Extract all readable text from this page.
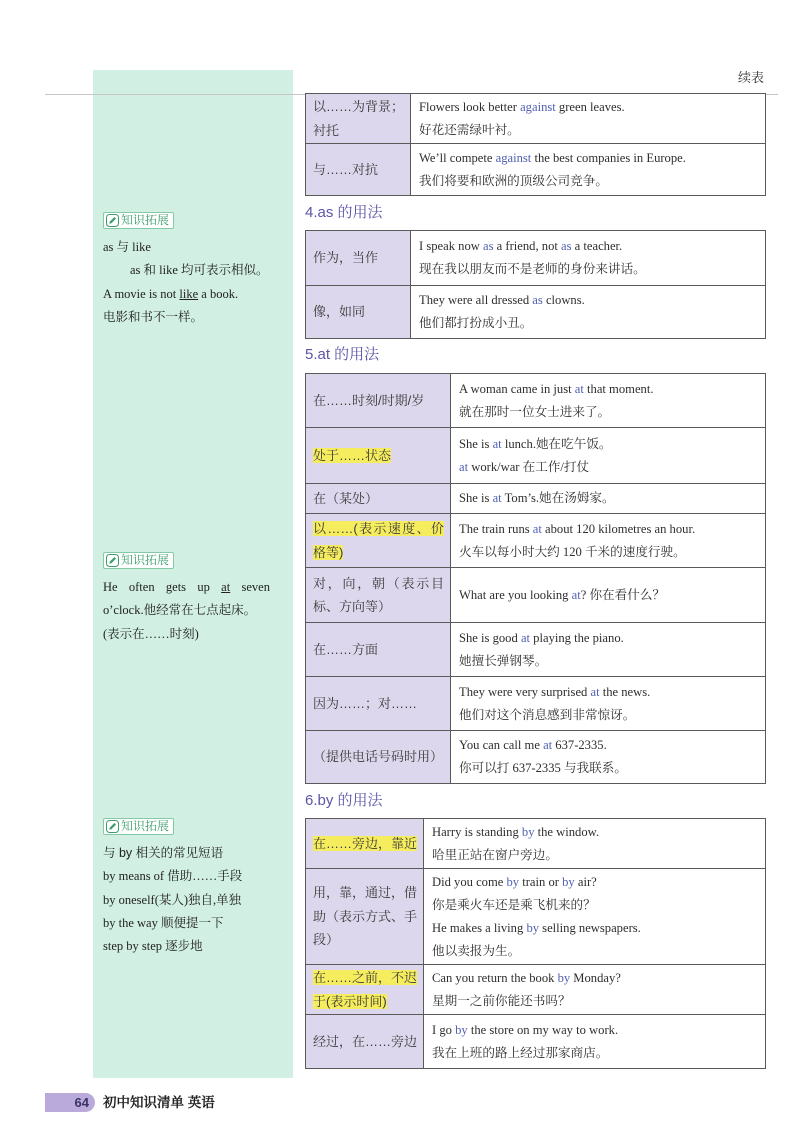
续表
知识拓展
as 与 like
as 和 like 均可表示相似。
A movie is not like a book.
电影和书不一样。
知识拓展
He often gets up at seven
o’clock.他经常在七点起床。
(表示在……时刻)
知识拓展
与 by 相关的常见短语
by means of 借助……手段
by oneself(某人)独自,单独
by the way 顺便提一下
step by step 逐步地
以……为背景；衬托
Flowers look better against green leaves.
好花还需绿叶衬。
与……对抗
We’ll compete against the best companies in Europe.
我们将要和欧洲的顶级公司竞争。
4.as 的用法
作为，当作
I speak now as a friend, not as a teacher.
现在我以朋友而不是老师的身份来讲话。
像，如同
They were all dressed as clowns.
他们都打扮成小丑。
5.at 的用法
在……时刻/时期/岁
A woman came in just at that moment.
就在那时一位女士进来了。
处于……状态
She is at lunch.她在吃午饭。
at work/war 在工作/打仗
在（某处）	She is at Tom’s.她在汤姆家。
以……(表示速度、价格等)
The train runs at about 120 kilometres an hour.
火车以每小时大约 120 千米的速度行驶。
对，向，朝（表示目标、方向等）
What are you looking at? 你在看什么？
在……方面
She is good at playing the piano.
她擅长弹钢琴。
因为……；对……
They were very surprised at the news.
他们对这个消息感到非常惊讶。
（提供电话号码时用）
You can call me at 637-2335.
你可以打 637-2335 与我联系。
6.by 的用法
在……旁边，靠近
Harry is standing by the window.
哈里正站在窗户旁边。
用，靠，通过，借助（表示方式、手段）
Did you come by train or by air?
你是乘火车还是乘飞机来的？
He makes a living by selling newspapers.
他以卖报为生。
在……之前，不迟于(表示时间)
Can you return the book by Monday?
星期一之前你能还书吗？
经过，在……旁边
I go by the store on my way to work.
我在上班的路上经过那家商店。
64	初中知识清单 英语
